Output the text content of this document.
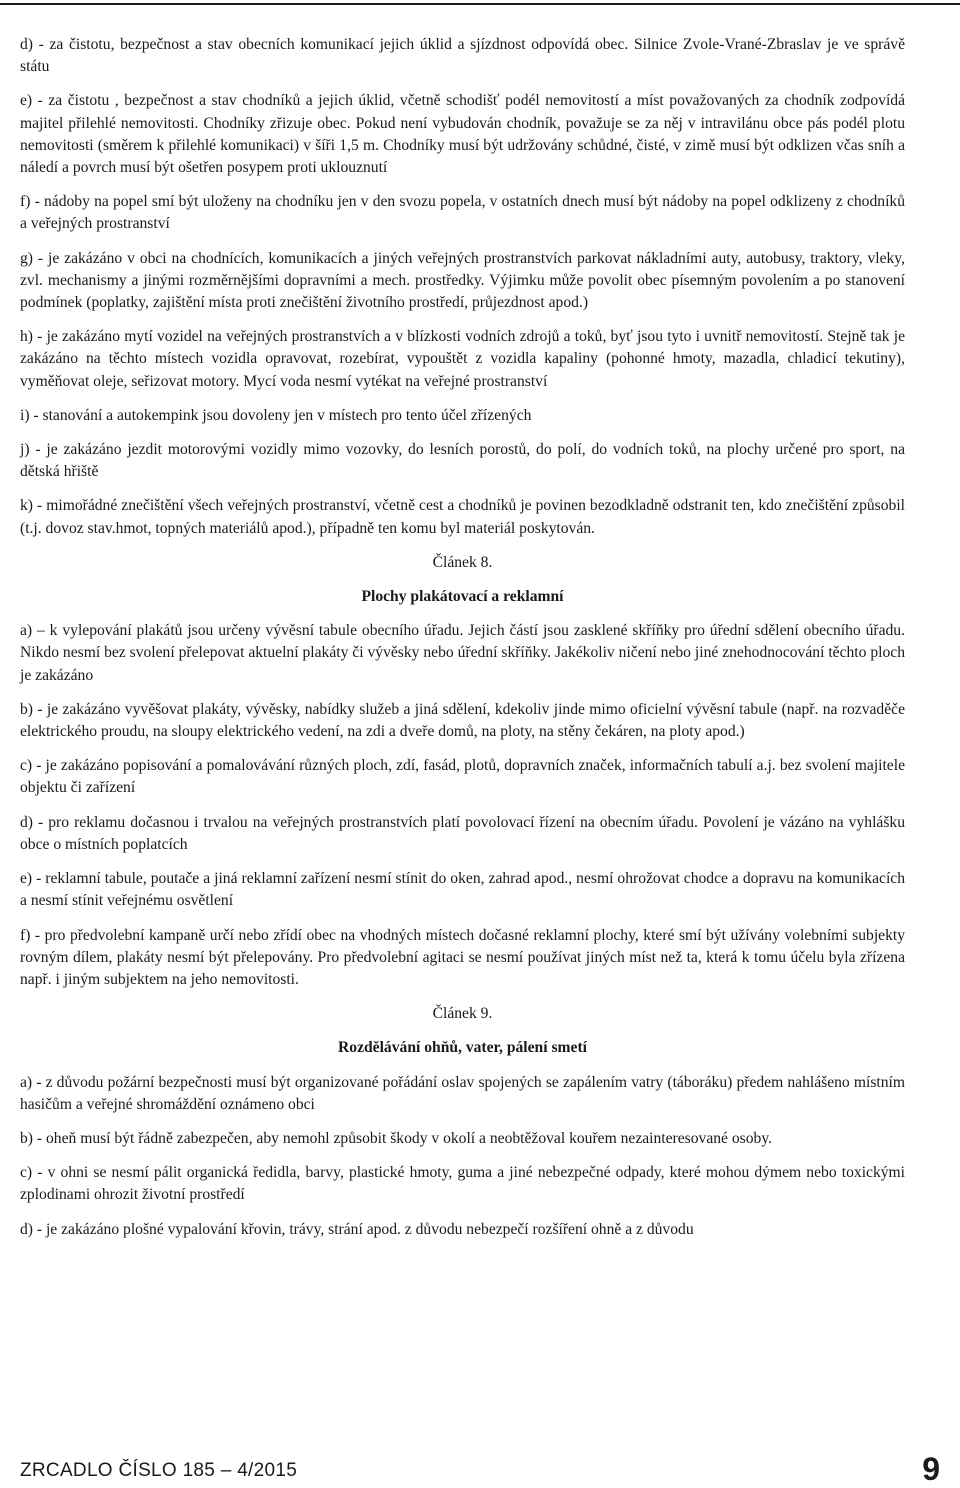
d) - za čistotu, bezpečnost a stav obecních komunikací jejich úklid a sjízdnost odpovídá obec. Silnice Zvole-Vrané-Zbraslav je ve správě státu

e) - za čistotu , bezpečnost a stav chodníků a jejich úklid, včetně schodišť podél nemovitostí a míst považovaných za chodník zodpovídá majitel přilehlé nemovitosti. Chodníky zřizuje obec. Pokud není vybudován chodník, považuje se za něj v intravilánu obce pás podél plotu nemovitosti (směrem k přilehlé komunikaci) v šíři 1,5 m. Chodníky musí být udržovány schůdné, čisté, v zimě musí být odklizen včas sníh a náledí a povrch musí být ošetřen posypem proti uklouznutí

f) - nádoby na popel smí být uloženy na chodníku jen v den svozu popela, v ostatních dnech musí být nádoby na popel odklizeny z chodníků a veřejných prostranství

g) - je zakázáno v obci na chodnících, komunikacích a jiných veřejných prostranstvích parkovat nákladními auty, autobusy, traktory, vleky, zvl. mechanismy a jinými rozměrnějšími dopravními a mech. prostředky. Výjimku může povolit obec písemným povolením a po stanovení podmínek (poplatky, zajištění místa proti znečištění životního prostředí, průjezdnost apod.)

h) - je zakázáno mytí vozidel na veřejných prostranstvích a v blízkosti vodních zdrojů a toků, byť jsou tyto i uvnitř nemovitostí. Stejně tak je zakázáno na těchto místech vozidla opravovat, rozebírat, vypouštět z vozidla kapaliny (pohonné hmoty, mazadla, chladicí tekutiny), vyměňovat oleje, seřizovat motory. Mycí voda nesmí vytékat na veřejné prostranství

i) - stanování a autokempink jsou dovoleny jen v místech pro tento účel zřízených

j) - je zakázáno jezdit motorovými vozidly mimo vozovky, do lesních porostů, do polí, do vodních toků, na plochy určené pro sport, na dětská hřiště

k) - mimořádné znečištění všech veřejných prostranství, včetně cest a chodníků je povinen bezodkladně odstranit ten, kdo znečištění způsobil (t.j. dovoz stav.hmot, topných materiálů apod.), případně ten komu byl materiál poskytován.

Článek 8.
Plochy plakátovací a reklamní

a) – k vylepování plakátů jsou určeny vývěsní tabule obecního úřadu. Jejich částí jsou zasklené skříňky pro úřední sdělení obecního úřadu. Nikdo nesmí bez svolení přelepovat aktuelní plakáty či vývěsky nebo úřední skříňky. Jakékoliv ničení nebo jiné znehodnocování těchto ploch je zakázáno

b) - je zakázáno vyvěšovat plakáty, vývěsky, nabídky služeb a jiná sdělení, kdekoliv jinde mimo oficielní vývěsní tabule (např. na rozvaděče elektrického proudu, na sloupy elektrického vedení, na zdi a dveře domů, na ploty, na stěny čekáren, na ploty apod.)

c) - je zakázáno popisování a pomalovávání různých ploch, zdí, fasád, plotů, dopravních značek, informačních tabulí a.j. bez svolení majitele objektu či zařízení

d) - pro reklamu dočasnou i trvalou na veřejných prostranstvích platí povolovací řízení na obecním úřadu. Povolení je vázáno na vyhlášku obce o místních poplatcích

e) - reklamní tabule, poutače a jiná reklamní zařízení nesmí stínit do oken, zahrad apod., nesmí ohrožovat chodce a dopravu na komunikacích a nesmí stínit veřejnému osvětlení

f) - pro předvolební kampaně určí nebo zřídí obec na vhodných místech dočasné reklamní plochy, které smí být užívány volebními subjekty rovným dílem, plakáty nesmí být přelepovány. Pro předvolební agitaci se nesmí používat jiných míst než ta, která k tomu účelu byla zřízena např. i jiným subjektem na jeho nemovitosti.

Článek 9.
Rozdělávání ohňů, vater, pálení smetí

a) - z důvodu požární bezpečnosti musí být organizované pořádání oslav spojených se zapálením vatry (táboráku) předem nahlášeno místním hasičům a veřejné shromáždění oznámeno obci

b) - oheň musí být řádně zabezpečen, aby nemohl způsobit škody v okolí a neobtěžoval kouřem nezainteresované osoby.

c) - v ohni se nesmí pálit organická ředidla, barvy, plastické hmoty, guma a jiné nebezpečné odpady, které mohou dýmem nebo toxickými zplodinami ohrozit životní prostředí

d) - je zakázáno plošné vypalování křovin, trávy, strání apod. z důvodu nebezpečí rozšíření ohně a z důvodu

ZRCADLO ČÍSLO 185 – 4/2015	9
